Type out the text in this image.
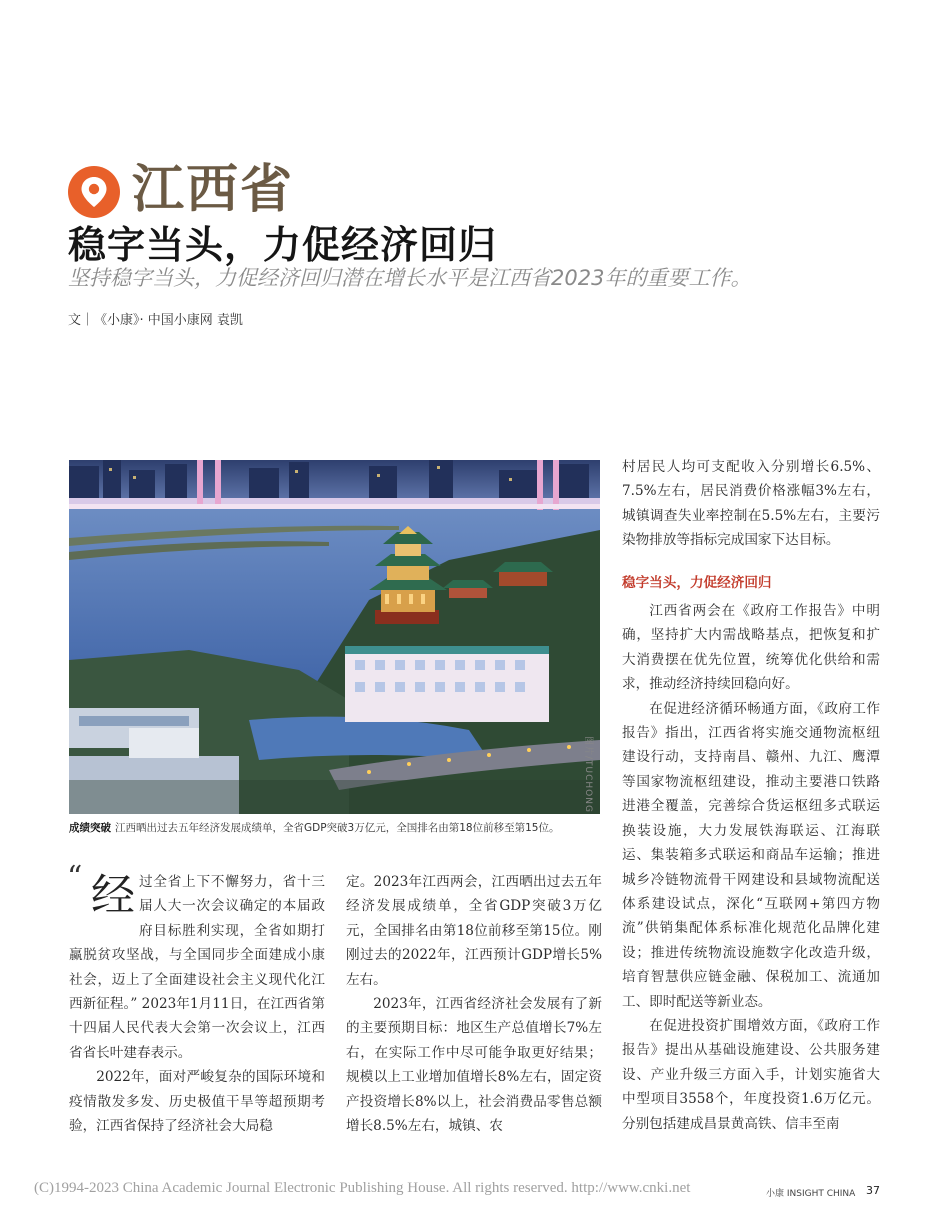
江西省
稳字当头，力促经济回归
坚持稳字当头，力促经济回归潜在增长水平是江西省2023年的重要工作。
文｜《小康》· 中国小康网 袁凯
图片/TUCHONG
成绩突破 江西晒出过去五年经济发展成绩单，全省GDP突破3万亿元，全国排名由第18位前移至第15位。
“ 经 过全省上下不懈努力，省十三届人大一次会议确定的本届政府目标胜利实现，全省如期打赢脱贫攻坚战，与全国同步全面建成小康社会，迈上了全面建设社会主义现代化江西新征程。” 2023年1月11日，在江西省第十四届人民代表大会第一次会议上，江西省省长叶建春表示。

2022年，面对严峻复杂的国际环境和疫情散发多发、历史极值干旱等超预期考验，江西省保持了经济社会大局稳

定。2023年江西两会，江西晒出过去五年经济发展成绩单，全省GDP突破3万亿元，全国排名由第18位前移至第15位。刚刚过去的2022年，江西预计GDP增长5%左右。

2023年，江西省经济社会发展有了新的主要预期目标：地区生产总值增长7%左右，在实际工作中尽可能争取更好结果；规模以上工业增加值增长8%左右，固定资产投资增长8%以上，社会消费品零售总额增长8.5%左右，城镇、农

村居民人均可支配收入分别增长6.5%、7.5%左右，居民消费价格涨幅3%左右，城镇调查失业率控制在5.5%左右，主要污染物排放等指标完成国家下达目标。

稳字当头，力促经济回归

江西省两会在《政府工作报告》中明确，坚持扩大内需战略基点，把恢复和扩大消费摆在优先位置，统筹优化供给和需求，推动经济持续回稳向好。

在促进经济循环畅通方面，《政府工作报告》指出，江西省将实施交通物流枢纽建设行动，支持南昌、赣州、九江、鹰潭等国家物流枢纽建设，推动主要港口铁路进港全覆盖，完善综合货运枢纽多式联运换装设施，大力发展铁海联运、江海联运、集装箱多式联运和商品车运输；推进城乡冷链物流骨干网建设和县域物流配送体系建设试点，深化“互联网+第四方物流”供销集配体系标准化规范化品牌化建设；推进传统物流设施数字化改造升级，培育智慧供应链金融、保税加工、流通加工、即时配送等新业态。

在促进投资扩围增效方面，《政府工作报告》提出从基础设施建设、公共服务建设、产业升级三方面入手，计划实施省大中型项目3558个，年度投资1.6万亿元。分别包括建成昌景黄高铁、信丰至南

(C)1994-2023 China Academic Journal Electronic Publishing House. All rights reserved. http://www.cnki.net	小康 INSIGHT CHINA 37
